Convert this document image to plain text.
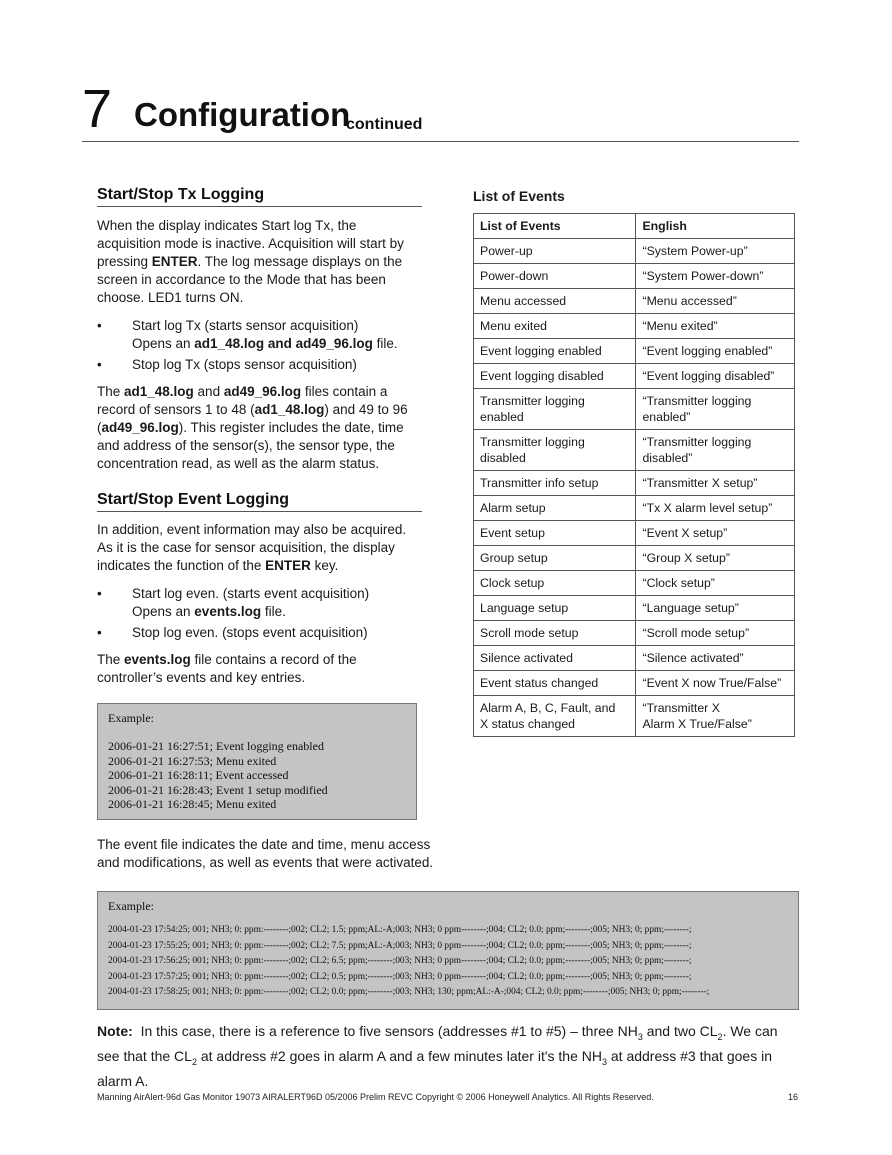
7 Configuration
continued
Start/Stop Tx Logging
When the display indicates Start log Tx, the
acquisition mode is inactive. Acquisition will start by
pressing ENTER. The log message displays on the
screen in accordance to the Mode that has been
choose. LED1 turns ON.
• Start log Tx (starts sensor acquisition)
Opens an ad1_48.log and ad49_96.log file.
• Stop log Tx (stops sensor acquisition)
The ad1_48.log and ad49_96.log files contain a
record of sensors 1 to 48 (ad1_48.log) and 49 to 96
(ad49_96.log). This register includes the date, time
and address of the sensor(s), the sensor type, the
concentration read, as well as the alarm status.
Start/Stop Event Logging
In addition, event information may also be acquired.
As it is the case for sensor acquisition, the display
indicates the function of the ENTER key.
• Start log even. (starts event acquisition)
Opens an events.log file.
• Stop log even. (stops event acquisition)
The events.log file contains a record of the
controller’s events and key entries.
Example:
2006-01-21 16:27:51; Event logging enabled
2006-01-21 16:27:53; Menu exited
2006-01-21 16:28:11; Event accessed
2006-01-21 16:28:43; Event 1 setup modified
2006-01-21 16:28:45; Menu exited
The event file indicates the date and time, menu access
and modifications, as well as events that were activated.
Example:
2004-01-23 17:54:25; 001; NH3; 0: ppm:--------;002; CL2; 1.5; ppm;AL:-A;003; NH3; 0 ppm--------;004; CL2; 0.0; ppm;--------;005; NH3; 0; ppm;--------;
2004-01-23 17:55:25; 001; NH3; 0: ppm:--------;002; CL2; 7.5; ppm;AL:-A;003; NH3; 0 ppm--------;004; CL2; 0.0; ppm;--------;005; NH3; 0; ppm;--------;
2004-01-23 17:56:25; 001; NH3; 0: ppm:--------;002; CL2; 6.5; ppm;--------;003; NH3; 0 ppm--------;004; CL2; 0.0; ppm;--------;005; NH3; 0; ppm;--------;
2004-01-23 17:57:25; 001; NH3; 0: ppm:--------;002; CL2; 0.5; ppm;--------;003; NH3; 0 ppm--------;004; CL2; 0.0; ppm;--------;005; NH3; 0; ppm;--------;
2004-01-23 17:58:25; 001; NH3; 0: ppm:--------;002; CL2; 0.0; ppm;--------;003; NH3; 130; ppm;AL:-A-;004; CL2; 0.0; ppm;--------;005; NH3; 0; ppm;--------;
List of Events
List of Events	English
Power-up	“System Power-up”
Power-down	“System Power-down”
Menu accessed	“Menu accessed”
Menu exited	“Menu exited”
Event logging enabled	“Event logging enabled”
Event logging disabled	“Event logging disabled”
Transmitter logging
enabled	“Transmitter logging
enabled”
Transmitter logging
disabled	“Transmitter logging
disabled”
Transmitter info setup	“Transmitter X setup”
Alarm setup	“Tx X alarm level setup”
Event setup	“Event X setup”
Group setup	“Group X setup”
Clock setup	“Clock setup”
Language setup	“Language setup”
Scroll mode setup	“Scroll mode setup”
Silence activated	“Silence activated”
Event status changed	“Event X now True/False”
Alarm A, B, C, Fault, and
X status changed	“Transmitter X
Alarm X True/False”
Note: In this case, there is a reference to five sensors (addresses #1 to #5) – three $NH_3$ and two $CL_2$. We can see that the $CL_2$ at address #2 goes in alarm A and a few minutes later it's the $NH_3$ at address #3 that goes in alarm A.
Manning AirAlert-96d Gas Monitor 19073 AIRALERT96D 05/2006 Prelim REVC Copyright © 2006 Honeywell Analytics. All Rights Reserved.	16
